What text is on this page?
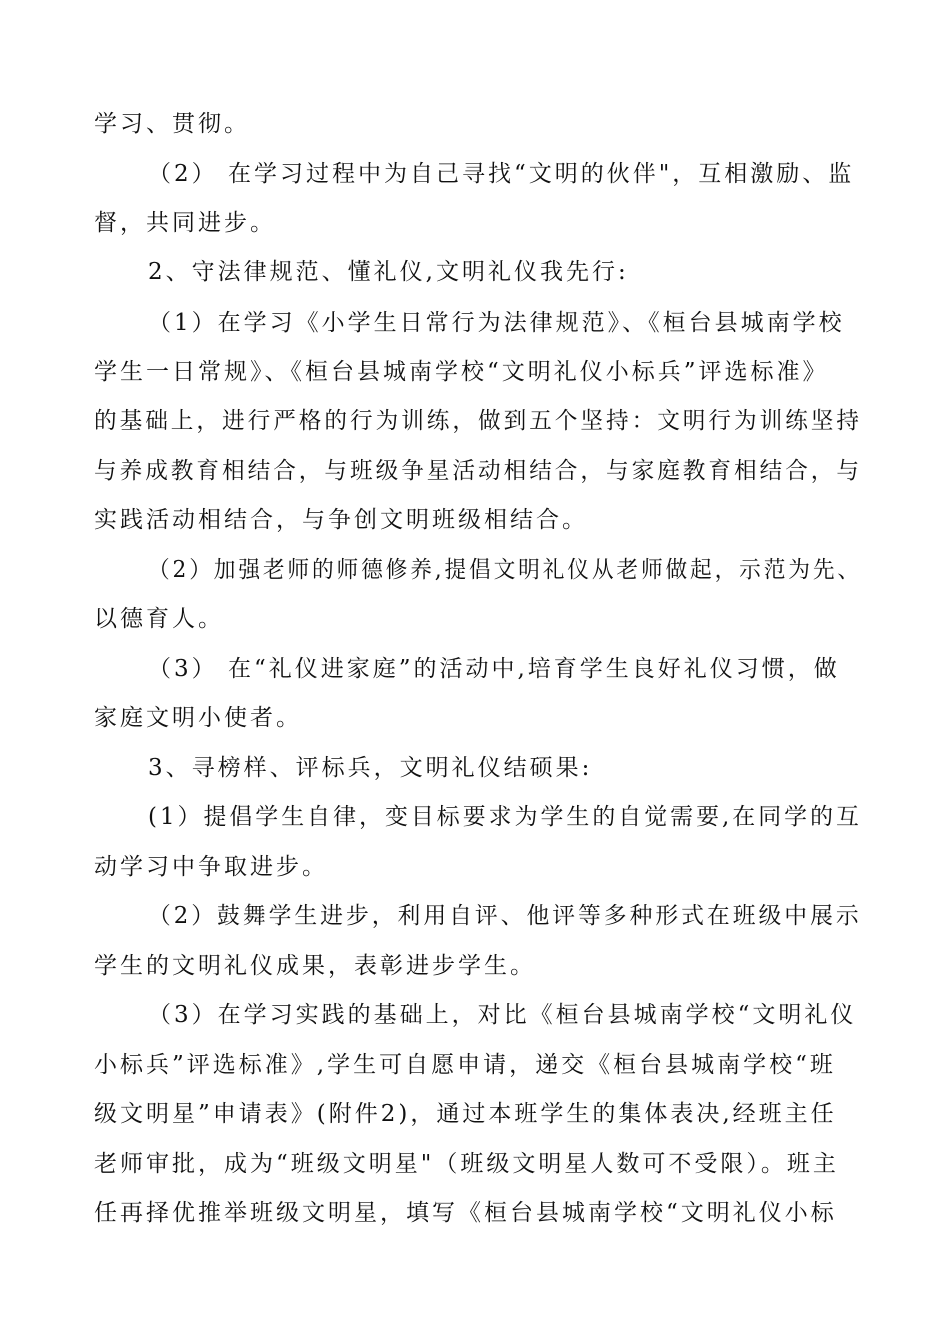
学习、贯彻。
（2） 在学习过程中为自己寻找“文明的伙伴"，互相激励、监
督，共同进步。
2、守法律规范、懂礼仪,文明礼仪我先行:
（1）在学习《小学生日常行为法律规范》、《桓台县城南学校
学生一日常规》、《桓台县城南学校“文明礼仪小标兵”评选标准》
的基础上，进行严格的行为训练，做到五个坚持：文明行为训练坚持
与养成教育相结合，与班级争星活动相结合，与家庭教育相结合，与
实践活动相结合，与争创文明班级相结合。
（2）加强老师的师德修养,提倡文明礼仪从老师做起，示范为先、
以德育人。
（3） 在“礼仪进家庭”的活动中,培育学生良好礼仪习惯，做
家庭文明小使者。
3、寻榜样、评标兵，文明礼仪结硕果:
(1）提倡学生自律，变目标要求为学生的自觉需要,在同学的互
动学习中争取进步。
（2）鼓舞学生进步，利用自评、他评等多种形式在班级中展示
学生的文明礼仪成果，表彰进步学生。
（3）在学习实践的基础上，对比《桓台县城南学校“文明礼仪
小标兵”评选标准》,学生可自愿申请，递交《桓台县城南学校“班
级文明星”申请表》(附件2)，通过本班学生的集体表决,经班主任
老师审批，成为“班级文明星"（班级文明星人数可不受限）。班主
任再择优推举班级文明星，填写《桓台县城南学校“文明礼仪小标
